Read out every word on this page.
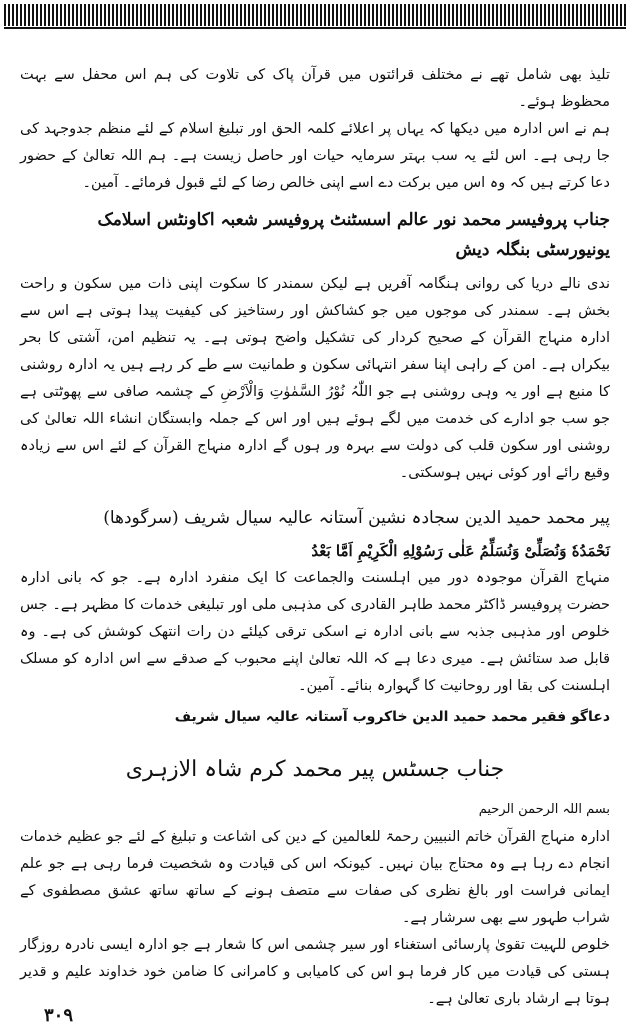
تلیذ بھی شامل تھے نے مختلف قرائتوں میں قرآن پاک کی تلاوت کی ہم اس محفل سے بہت محظوظ ہوئے۔

ہم نے اس ادارہ میں دیکھا کہ یہاں پر اعلائے کلمہ الحق اور تبلیغ اسلام کے لئے منظم جدوجہد کی جا رہی ہے۔ اس لئے یہ سب بہتر سرمایہ حیات اور حاصل زیست ہے۔ ہم اللہ تعالیٰ کے حضور دعا کرتے ہیں کہ وہ اس میں برکت دے اسے اپنی خالص رضا کے لئے قبول فرمائے۔ آمین۔

جناب پروفیسر محمد نور عالم اسسٹنٹ پروفیسر شعبہ اکاونٹس اسلامک یونیورسٹی بنگلہ دیش

ندی نالے دریا کی روانی ہنگامہ آفریں ہے لیکن سمندر کا سکوت اپنی ذات میں سکون و راحت بخش ہے۔ سمندر کی موجوں میں جو کشاکش اور رستاخیز کی کیفیت پیدا ہوتی ہے اس سے ادارہ منہاج القرآن کے صحیح کردار کی تشکیل واضح ہوتی ہے۔ یہ تنظیم امن، آشتی کا بحر بیکراں ہے۔ امن کے راہی اپنا سفر انتہائی سکون و طمانیت سے طے کر رہے ہیں یہ ادارہ روشنی کا منبع ہے اور یہ وہی روشنی ہے جو اللّٰہُ نُوْرُ السَّمٰوٰتِ وَالْاَرْضِ کے چشمہ صافی سے پھوٹتی ہے جو سب جو ادارے کی خدمت میں لگے ہوئے ہیں اور اس کے جملہ وابستگان انشاء اللہ تعالیٰ کی روشنی اور سکون قلب کی دولت سے بہرہ ور ہوں گے ادارہ منہاج القرآن کے لئے اس سے زیادہ وقیع رائے اور کوئی نہیں ہوسکتی۔

پیر محمد حمید الدین سجادہ نشین آستانہ عالیہ سیال شریف (سرگودھا)
نَحْمَدُهٗ وَنُصَلِّیْ وَنُسَلِّمُ عَلٰی رَسُوْلِهِ الْكَرِیْمِ اَمَّا بَعْدُ

منہاج القرآن موجودہ دور میں اہلسنت والجماعت کا ایک منفرد ادارہ ہے۔ جو کہ بانی ادارہ حضرت پروفیسر ڈاکٹر محمد طاہر القادری کی مذہبی ملی اور تبلیغی خدمات کا مظہر ہے۔ جس خلوص اور مذہبی جذبہ سے بانی ادارہ نے اسکی ترقی کیلئے دن رات انتھک کوشش کی ہے۔ وہ قابل صد ستائش ہے۔ میری دعا ہے کہ اللہ تعالیٰ اپنے محبوب کے صدقے سے اس ادارہ کو مسلک اہلسنت کی بقا اور روحانیت کا گہوارہ بنائے۔ آمین۔

دعاگو فقیر محمد حمید الدین خاکروب آستانہ عالیہ سیال شریف
جناب جسٹس پیر محمد کرم شاہ الازہری
بسم اللہ الرحمن الرحیم

ادارہ منہاج القرآن خاتم النبیین رحمۃ للعالمین کے دین کی اشاعت و تبلیغ کے لئے جو عظیم خدمات انجام دے رہا ہے وہ محتاج بیان نہیں۔ کیونکہ اس کی قیادت وہ شخصیت فرما رہی ہے جو علم ایمانی فراست اور بالغ نظری کی صفات سے متصف ہونے کے ساتھ ساتھ عشق مصطفوی کے شراب طہور سے بھی سرشار ہے۔

خلوص للہیت تقویٰ پارسائی استغناء اور سیر چشمی اس کا شعار ہے جو ادارہ ایسی نادرہ روزگار ہستی کی قیادت میں کار فرما ہو اس کی کامیابی و کامرانی کا ضامن خود خداوند علیم و قدیر ہوتا ہے ارشاد باری تعالیٰ ہے۔

۳۰۹
